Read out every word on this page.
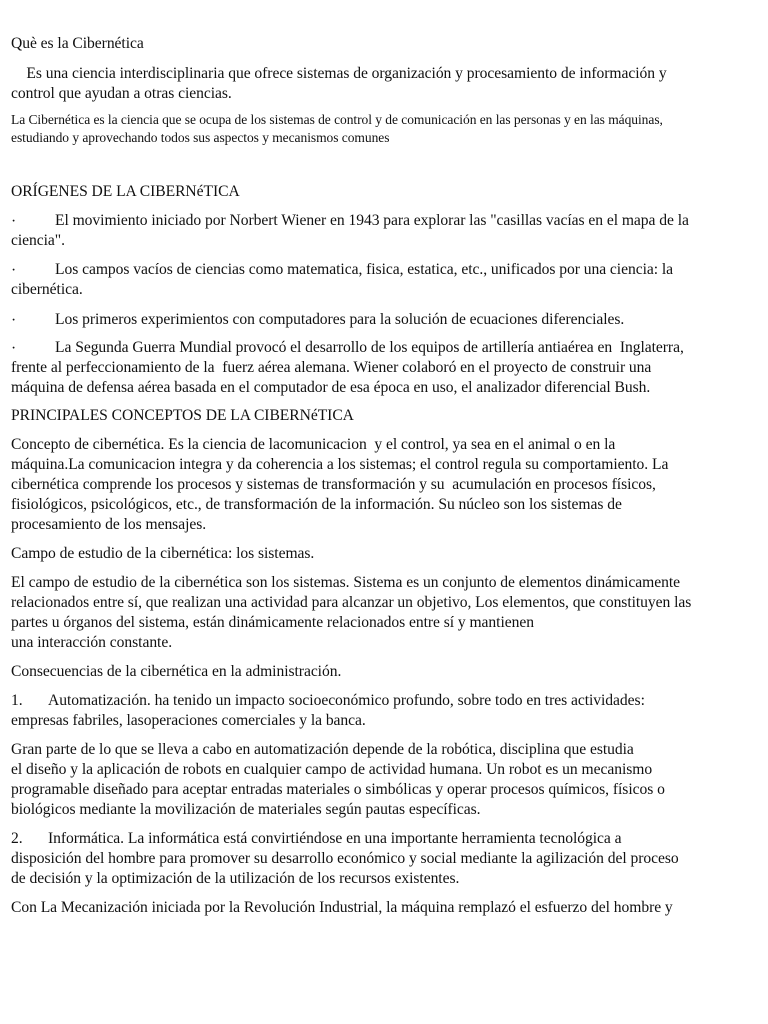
Què es la Cibernética
Es una ciencia interdisciplinaria que ofrece sistemas de organización y procesamiento de información y
control que ayudan a otras ciencias.
La Cibernética es la ciencia que se ocupa de los sistemas de control y de comunicación en las personas y en las máquinas,
estudiando y aprovechando todos sus aspectos y mecanismos comunes
ORÍGENES DE LA CIBERNéTICA
· El movimiento iniciado por Norbert Wiener en 1943 para explorar las "casillas vacías en el mapa de la
ciencia".
· Los campos vacíos de ciencias como matematica, fisica, estatica, etc., unificados por una ciencia: la
cibernética.
· Los primeros experimientos con computadores para la solución de ecuaciones diferenciales.
· La Segunda Guerra Mundial provocó el desarrollo de los equipos de artillería antiaérea en  Inglaterra,
frente al perfeccionamiento de la  fuerz aérea alemana. Wiener colaboró en el proyecto de construir una
máquina de defensa aérea basada en el computador de esa época en uso, el analizador diferencial Bush.
PRINCIPALES CONCEPTOS DE LA CIBERNéTICA
Concepto de cibernética. Es la ciencia de lacomunicacion  y el control, ya sea en el animal o en la
máquina.La comunicacion integra y da coherencia a los sistemas; el control regula su comportamiento. La
cibernética comprende los procesos y sistemas de transformación y su  acumulación en procesos físicos,
fisiológicos, psicológicos, etc., de transformación de la información. Su núcleo son los sistemas de
procesamiento de los mensajes.
Campo de estudio de la cibernética: los sistemas.
El campo de estudio de la cibernética son los sistemas. Sistema es un conjunto de elementos dinámicamente
relacionados entre sí, que realizan una actividad para alcanzar un objetivo, Los elementos, que constituyen las
partes u órganos del sistema, están dinámicamente relacionados entre sí y mantienen
una interacción constante.
Consecuencias de la cibernética en la administración.
1. Automatización. ha tenido un impacto socioeconómico profundo, sobre todo en tres actividades:
empresas fabriles, lasoperaciones comerciales y la banca.
Gran parte de lo que se lleva a cabo en automatización depende de la robótica, disciplina que estudia
el diseño y la aplicación de robots en cualquier campo de actividad humana. Un robot es un mecanismo
programable diseñado para aceptar entradas materiales o simbólicas y operar procesos químicos, físicos o
biológicos mediante la movilización de materiales según pautas específicas.
2. Informática. La informática está convirtiéndose en una importante herramienta tecnológica a
disposición del hombre para promover su desarrollo económico y social mediante la agilización del proceso
de decisión y la optimización de la utilización de los recursos existentes.
Con La Mecanización iniciada por la Revolución Industrial, la máquina remplazó el esfuerzo del hombre y
